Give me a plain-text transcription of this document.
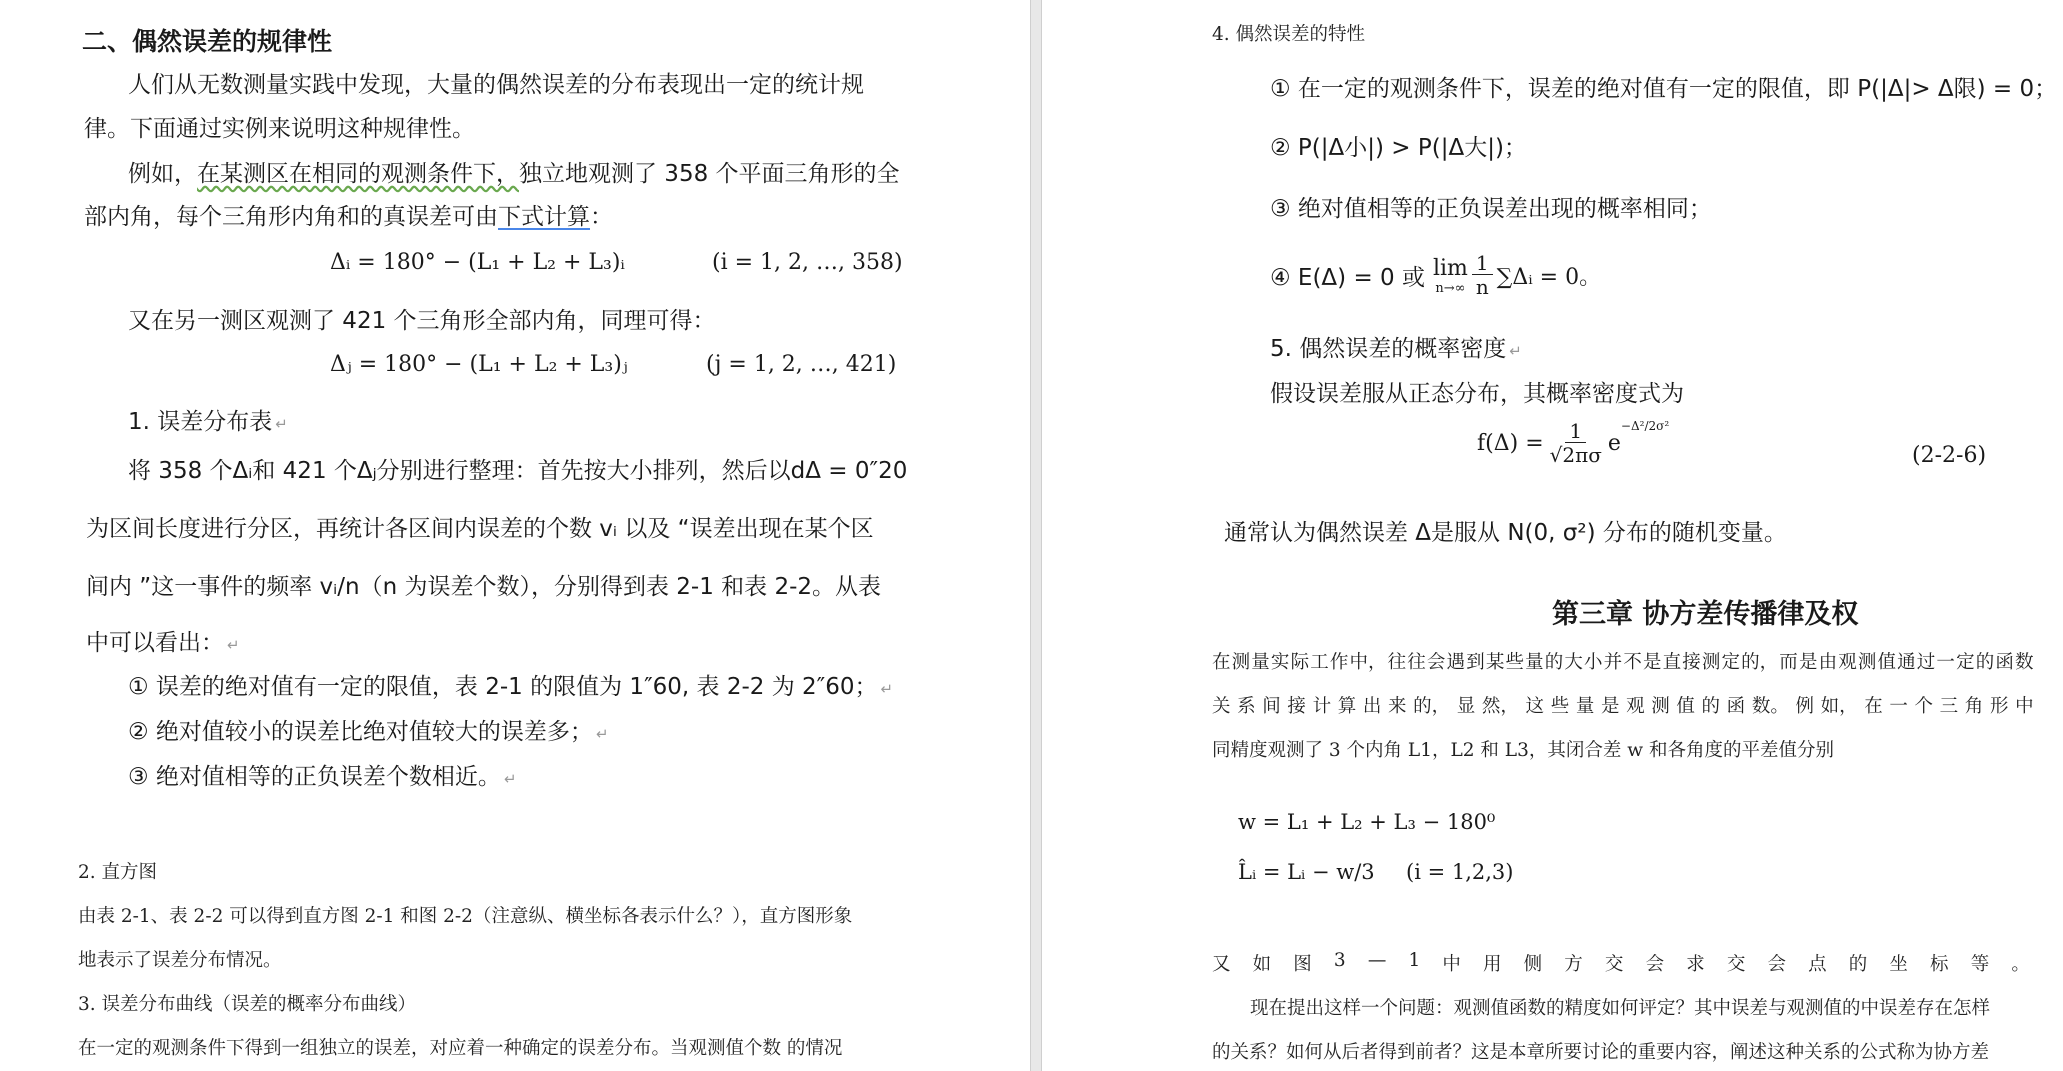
二、偶然误差的规律性
人们从无数测量实践中发现，大量的偶然误差的分布表现出一定的统计规
律。下面通过实例来说明这种规律性。
例如，在某测区在相同的观测条件下，独立地观测了 358 个平面三角形的全
部内角，每个三角形内角和的真误差可由下式计算：
Δᵢ = 180° − (L₁ + L₂ + L₃)ᵢ	(i = 1, 2, …, 358)
又在另一测区观测了 421 个三角形全部内角，同理可得：
Δⱼ = 180° − (L₁ + L₂ + L₃)ⱼ	(j = 1, 2, …, 421)
1. 误差分布表 ↵
将 358 个Δᵢ和 421 个Δⱼ分别进行整理：首先按大小排列，然后以dΔ = 0″20
为区间长度进行分区，再统计各区间内误差的个数 vᵢ 以及 “误差出现在某个区
间内 ”这一事件的频率 vᵢ/n（n 为误差个数），分别得到表 2-1 和表 2-2。从表
中可以看出： ↵
① 误差的绝对值有一定的限值，表 2-1 的限值为 1″60, 表 2-2 为 2″60； ↵
② 绝对值较小的误差比绝对值较大的误差多； ↵
③ 绝对值相等的正负误差个数相近。 ↵
2. 直方图
由表 2-1、表 2-2 可以得到直方图 2-1 和图 2-2（注意纵、横坐标各表示什么？），直方图形象
地表示了误差分布情况。
3. 误差分布曲线（误差的概率分布曲线）
在一定的观测条件下得到一组独立的误差，对应着一种确定的误差分布。当观测值个数 的情况
4. 偶然误差的特性
① 在一定的观测条件下，误差的绝对值有一定的限值，即 P(|Δ|> Δ限) = 0；
② P(|Δ小|) > P(|Δ大|)；
③ 绝对值相等的正负误差出现的概率相同；
④ E(Δ) = 0 或 lim
$n\to\infty \frac{1}{n}$ ∑Δᵢ = 0。
5. 偶然误差的概率密度 ↵
假设误差服从正态分布，其概率密度式为
$f(\Delta) = \frac{1}{√2\pi\sigma}$ e
−Δ²/2σ²
(2-2-6)
通常认为偶然误差 Δ是服从 N(0, σ²) 分布的随机变量。
第三章 协方差传播律及权
在 测 量 实 际 工 作 中， 往 往 会 遇 到 某 些 量 的 大 小 并 不 是 直 接 测 定 的， 而 是 由 观 测 值 通 过 一 定 的 函 数
关 系 间 接 计 算 出 来 的， 显 然， 这 些 量 是 观 测 值 的 函 数。 例 如， 在 一 个 三 角 形 中
同精度观测了 3 个内角 L1，L2 和 L3，其闭合差 w 和各角度的平差值分别
w = L₁ + L₂ + L₃ − 180⁰
L̂ᵢ = Lᵢ − w/3 (i = 1,2,3)
又 如 图 3 — 1 中 用 侧 方 交 会 求 交 会 点 的 坐 标 等 。
现在提出这样一个问题：观测值函数的精度如何评定？其中误差与观测值的中误差存在怎样
的关系？如何从后者得到前者？这是本章所要讨论的重要内容，阐述这种关系的公式称为协方差
